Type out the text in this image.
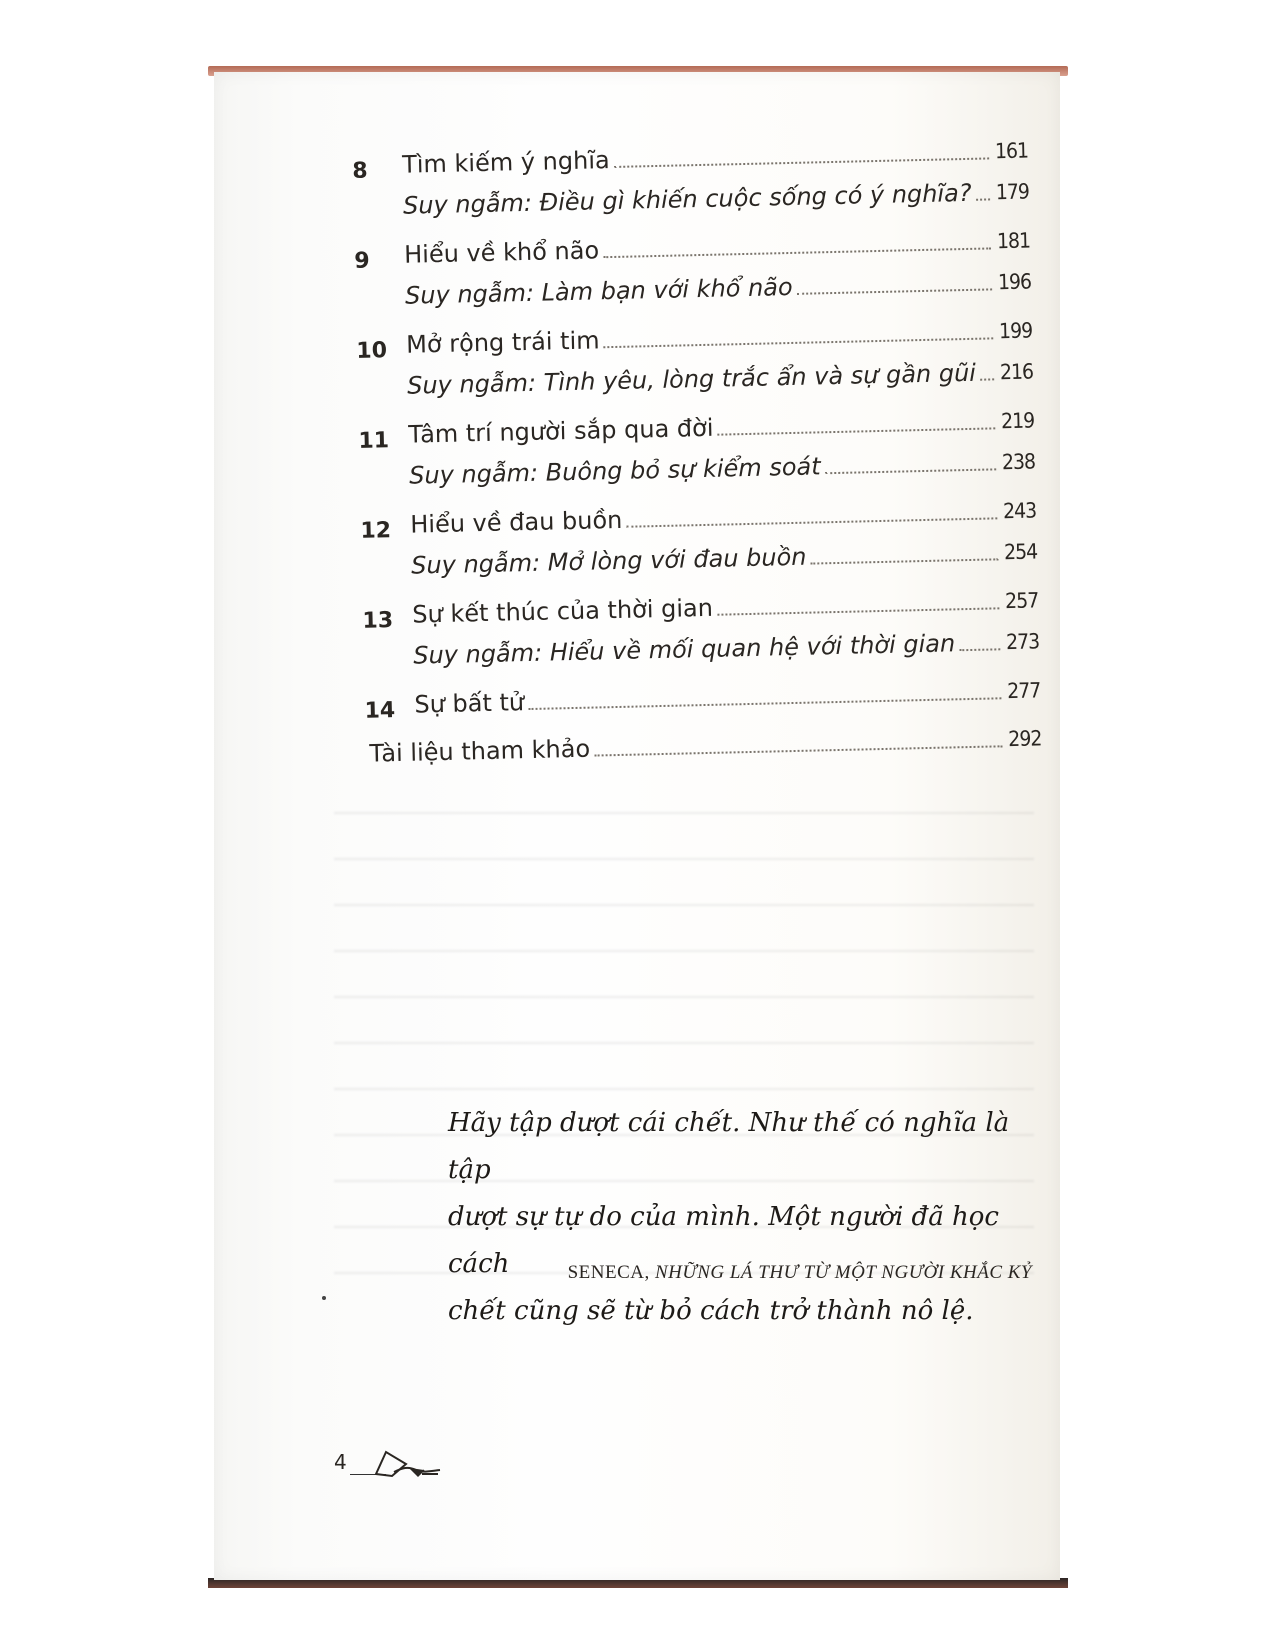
8	Tìm kiếm ý nghĩa	161
Suy ngẫm: Điều gì khiến cuộc sống có ý nghĩa? 179
9	Hiểu về khổ não	181
Suy ngẫm: Làm bạn với khổ não	196
10 Mở rộng trái tim	199
Suy ngẫm: Tình yêu, lòng trắc ẩn và sự gần gũi 216
11 Tâm trí người sắp qua đời	219
Suy ngẫm: Buông bỏ sự kiểm soát	238
12 Hiểu về đau buồn	243
Suy ngẫm: Mở lòng với đau buồn	254
13 Sự kết thúc của thời gian	257
Suy ngẫm: Hiểu về mối quan hệ với thời gian 273
14 Sự bất tử	277
Tài liệu tham khảo	292
Hãy tập dượt cái chết. Như thế có nghĩa là tập
dượt sự tự do của mình. Một người đã học cách
chết cũng sẽ từ bỏ cách trở thành nô lệ.
SENECA, NHỮNG LÁ THƯ TỪ MỘT NGƯỜI KHẮC KỶ
4
